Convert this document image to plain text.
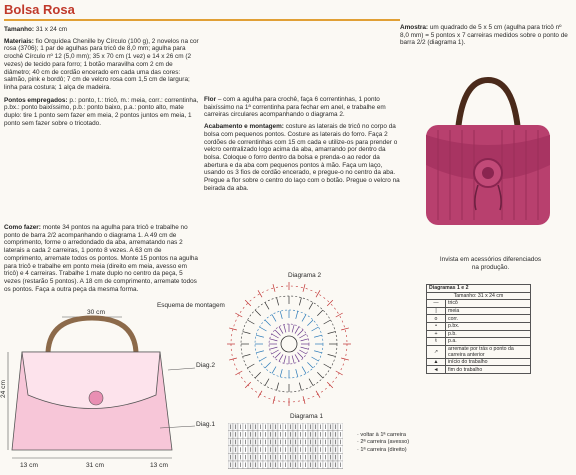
Bolsa Rosa

Tamanho: 31 x 24 cm

Materiais: fio Orquídea Chenille by Círculo (100 g), 2 novelos na cor rosa (3706); 1 par de agulhas para tricô de 8,0 mm; agulha para crochê Círculo nº 12 (5,0 mm); 35 x 70 cm (1 vez) e 14 x 26 cm (2 vezes) de tecido para forro; 1 botão maravilha com 2 cm de diâmetro; 40 cm de cordão encerado em cada uma das cores: salmão, pink e bordô; 7 cm de velcro rosa com 1,5 cm de largura; linha para costura; 1 alça de madeira.

Pontos empregados: p.: ponto, t.: tricô, m.: meia, corr.: correntinha, p.bx.: ponto baixíssimo, p.b.: ponto baixo, p.a.: ponto alto, mate duplo: tire 1 ponto sem fazer em meia, 2 pontos juntos em meia, 1 ponto sem fazer sobre o tricotado.

Como fazer: monte 34 pontos na agulha para tricô e trabalhe no ponto de barra 2/2 acompanhando o diagrama 1. A 49 cm de comprimento, forme o arredondado da aba, arrematando nas 2 laterais a cada 2 carreiras, 1 ponto 8 vezes. A 63 cm de comprimento, arremate todos os pontos. Monte 15 pontos na agulha para tricô e trabalhe em ponto meia (direito em meia, avesso em tricô) e 4 carreiras. Trabalhe 1 mate duplo no centro da peça, 5 vezes (restarão 5 pontos). A 18 cm de comprimento, arremate todos os pontos. Faça a outra peça da mesma forma.

Flor – com a agulha para crochê, faça 6 correntinhas, 1 ponto baixíssimo na 1ª correntinha para fechar em anel, e trabalhe em carreiras circulares acompanhando o diagrama 2.

Acabamento e montagem: costure as laterais de tricô no corpo da bolsa com pequenos pontos. Costure as laterais do forro. Faça 2 cordões de correntinhas com 15 cm cada e utilize-os para prender o velcro centralizado logo acima da aba, amarrando por dentro da bolsa. Coloque o forro dentro da bolsa e prenda-o ao redor da abertura e da aba com pequenos pontos à mão. Faça um laço, usando os 3 fios de cordão encerado, e pregue-o no centro da aba. Pregue a flor sobre o centro do laço com o botão. Pregue o velcro na beirada da aba.

Amostra: um quadrado de 5 x 5 cm (agulha para tricô nº 8,0 mm) = 5 pontos x 7 carreiras medidos sobre o ponto de barra 2/2 (diagrama 1).
Invista em acessórios diferenciados na produção.
Esquema de montagem
30 cm
24 cm
13 cm	31 cm	13 cm
Diag.2
Diag.1
Diagrama 2
Diagramas 1 e 2	
Tamanho: 31 x 24 cm	
—	tricô
|	meia
o	corr.
•	p.bx.
+	p.b.
ŧ	p.a.
↗	arremate por trás o ponto da carreira anterior
▲	início do trabalho
◄	fim do trabalho
Diagrama 1
· voltar à 1ª carreira
· 2ª carreira (avesso)
· 1ª carreira (direito)
